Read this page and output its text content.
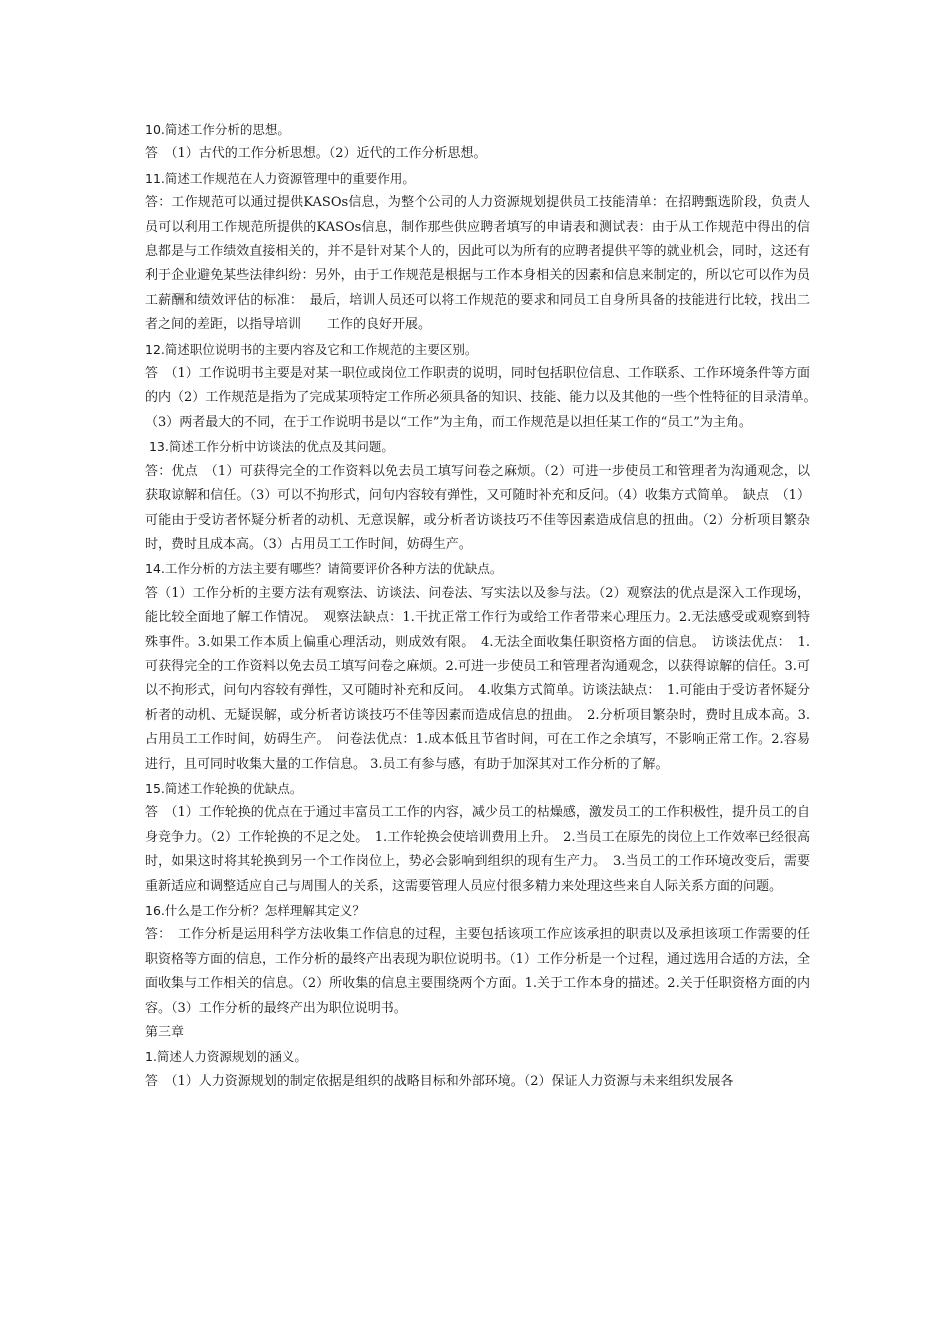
10.简述工作分析的思想。

答　（1）古代的工作分析思想。（2）近代的工作分析思想。

11.简述工作规范在人力资源管理中的重要作用。

答：工作规范可以通过提供KASOs信息，为整个公司的人力资源规划提供员工技能清单：在招聘甄选阶段，负责人员可以利用工作规范所提供的KASOs信息，制作那些供应聘者填写的申请表和测试表：由于从工作规范中得出的信息都是与工作绩效直接相关的，并不是针对某个人的，因此可以为所有的应聘者提供平等的就业机会，同时，这还有利于企业避免某些法律纠纷：另外，由于工作规范是根据与工作本身相关的因素和信息来制定的，所以它可以作为员工薪酬和绩效评估的标准：　最后，培训人员还可以将工作规范的要求和同员工自身所具备的技能进行比较，找出二者之间的差距，以指导培训　　工作的良好开展。

12.简述职位说明书的主要内容及它和工作规范的主要区别。

答　（1）工作说明书主要是对某一职位或岗位工作职责的说明，同时包括职位信息、工作联系、工作环境条件等方面的内（2）工作规范是指为了完成某项特定工作所必须具备的知识、技能、能力以及其他的一些个性特征的目录清单。　（3）两者最大的不同，在于工作说明书是以“工作”为主角，而工作规范是以担任某工作的“员工”为主角。

13.简述工作分析中访谈法的优点及其问题。

答：优点　（1）可获得完全的工作资料以免去员工填写问卷之麻烦。（2）可进一步使员工和管理者为沟通观念，以获取谅解和信任。（3）可以不拘形式，问句内容较有弹性，又可随时补充和反问。（4）收集方式简单。　缺点　（1）可能由于受访者怀疑分析者的动机、无意误解，或分析者访谈技巧不佳等因素造成信息的扭曲。（2）分析项目繁杂时，费时且成本高。（3）占用员工工作时间，妨碍生产。

14.工作分析的方法主要有哪些？请简要评价各种方法的优缺点。

答（1）工作分析的主要方法有观察法、访谈法、问卷法、写实法以及参与法。（2）观察法的优点是深入工作现场，能比较全面地了解工作情况。　观察法缺点：1.干扰正常工作行为或给工作者带来心理压力。2.无法感受或观察到特殊事件。3.如果工作本质上偏重心理活动，则成效有限。　4.无法全面收集任职资格方面的信息。　访谈法优点：　1.可获得完全的工作资料以免去员工填写问卷之麻烦。2.可进一步使员工和管理者沟通观念，以获得谅解的信任。3.可以不拘形式，问句内容较有弹性，又可随时补充和反问。　4.收集方式简单。访谈法缺点：　1.可能由于受访者怀疑分析者的动机、无疑误解，或分析者访谈技巧不佳等因素而造成信息的扭曲。　2.分析项目繁杂时，费时且成本高。3.占用员工工作时间，妨碍生产。　问卷法优点：1.成本低且节省时间，可在工作之余填写，不影响正常工作。2.容易进行，且可同时收集大量的工作信息。 3.员工有参与感，有助于加深其对工作分析的了解。

15.简述工作轮换的优缺点。

答　（1）工作轮换的优点在于通过丰富员工工作的内容，减少员工的枯燥感，激发员工的工作积极性，提升员工的自身竞争力。（2）工作轮换的不足之处。　1.工作轮换会使培训费用上升。　2.当员工在原先的岗位上工作效率已经很高时，如果这时将其轮换到另一个工作岗位上，势必会影响到组织的现有生产力。　3.当员工的工作环境改变后，需要重新适应和调整适应自己与周围人的关系，这需要管理人员应付很多精力来处理这些来自人际关系方面的问题。

16.什么是工作分析？怎样理解其定义？

答：　工作分析是运用科学方法收集工作信息的过程，主要包括该项工作应该承担的职责以及承担该项工作需要的任职资格等方面的信息，工作分析的最终产出表现为职位说明书。（1）工作分析是一个过程，通过选用合适的方法，全面收集与工作相关的信息。（2）所收集的信息主要围绕两个方面。1.关于工作本身的描述。2.关于任职资格方面的内容。（3）工作分析的最终产出为职位说明书。

第三章

1.简述人力资源规划的涵义。

答　（1）人力资源规划的制定依据是组织的战略目标和外部环境。（2）保证人力资源与未来组织发展各
